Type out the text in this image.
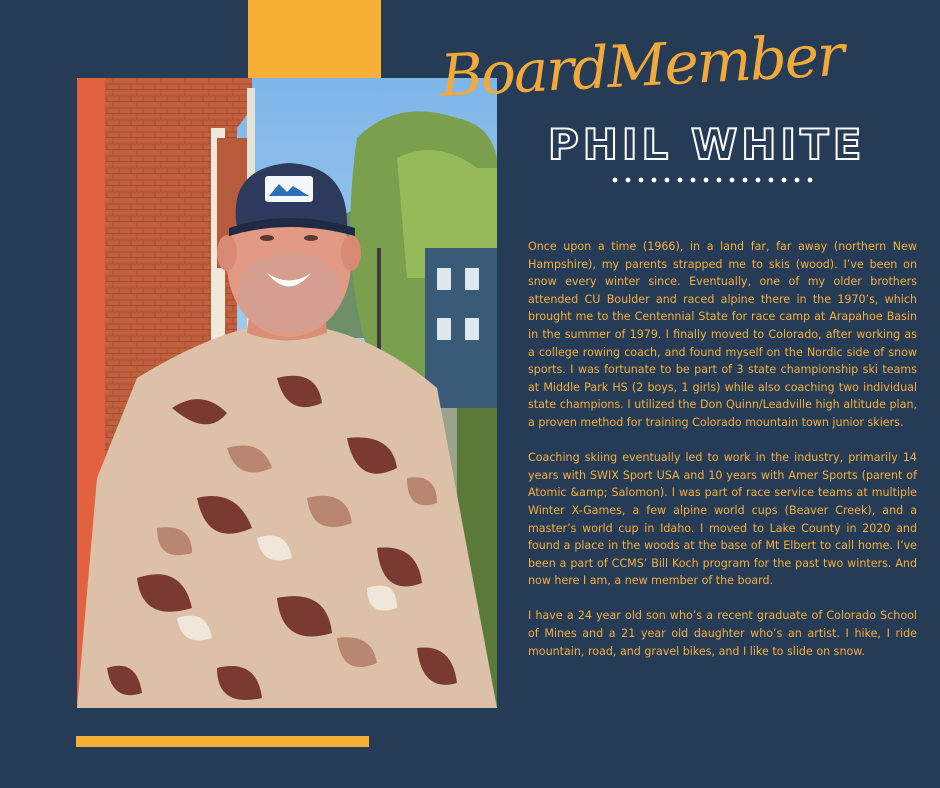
BoardMember
PHIL WHITE

Once upon a time (1966), in a land far, far away (northern New Hampshire), my parents strapped me to skis (wood). I’ve been on snow every winter since. Eventually, one of my older brothers attended CU Boulder and raced alpine there in the 1970’s, which brought me to the Centennial State for race camp at Arapahoe Basin in the summer of 1979. I finally moved to Colorado, after working as a college rowing coach, and found myself on the Nordic side of snow sports. I was fortunate to be part of 3 state championship ski teams at Middle Park HS (2 boys, 1 girls) while also coaching two individual state champions. I utilized the Don Quinn/Leadville high altitude plan, a proven method for training Colorado mountain town junior skiers.

Coaching skiing eventually led to work in the industry, primarily 14 years with SWIX Sport USA and 10 years with Amer Sports (parent of Atomic &amp; Salomon). I was part of race service teams at multiple Winter X-Games, a few alpine world cups (Beaver Creek), and a master’s world cup in Idaho. I moved to Lake County in 2020 and found a place in the woods at the base of Mt Elbert to call home. I’ve been a part of CCMS’ Bill Koch program for the past two winters. And now here I am, a new member of the board.

I have a 24 year old son who’s a recent graduate of Colorado School of Mines and a 21 year old daughter who’s an artist. I hike, I ride mountain, road, and gravel bikes, and I like to slide on snow.
